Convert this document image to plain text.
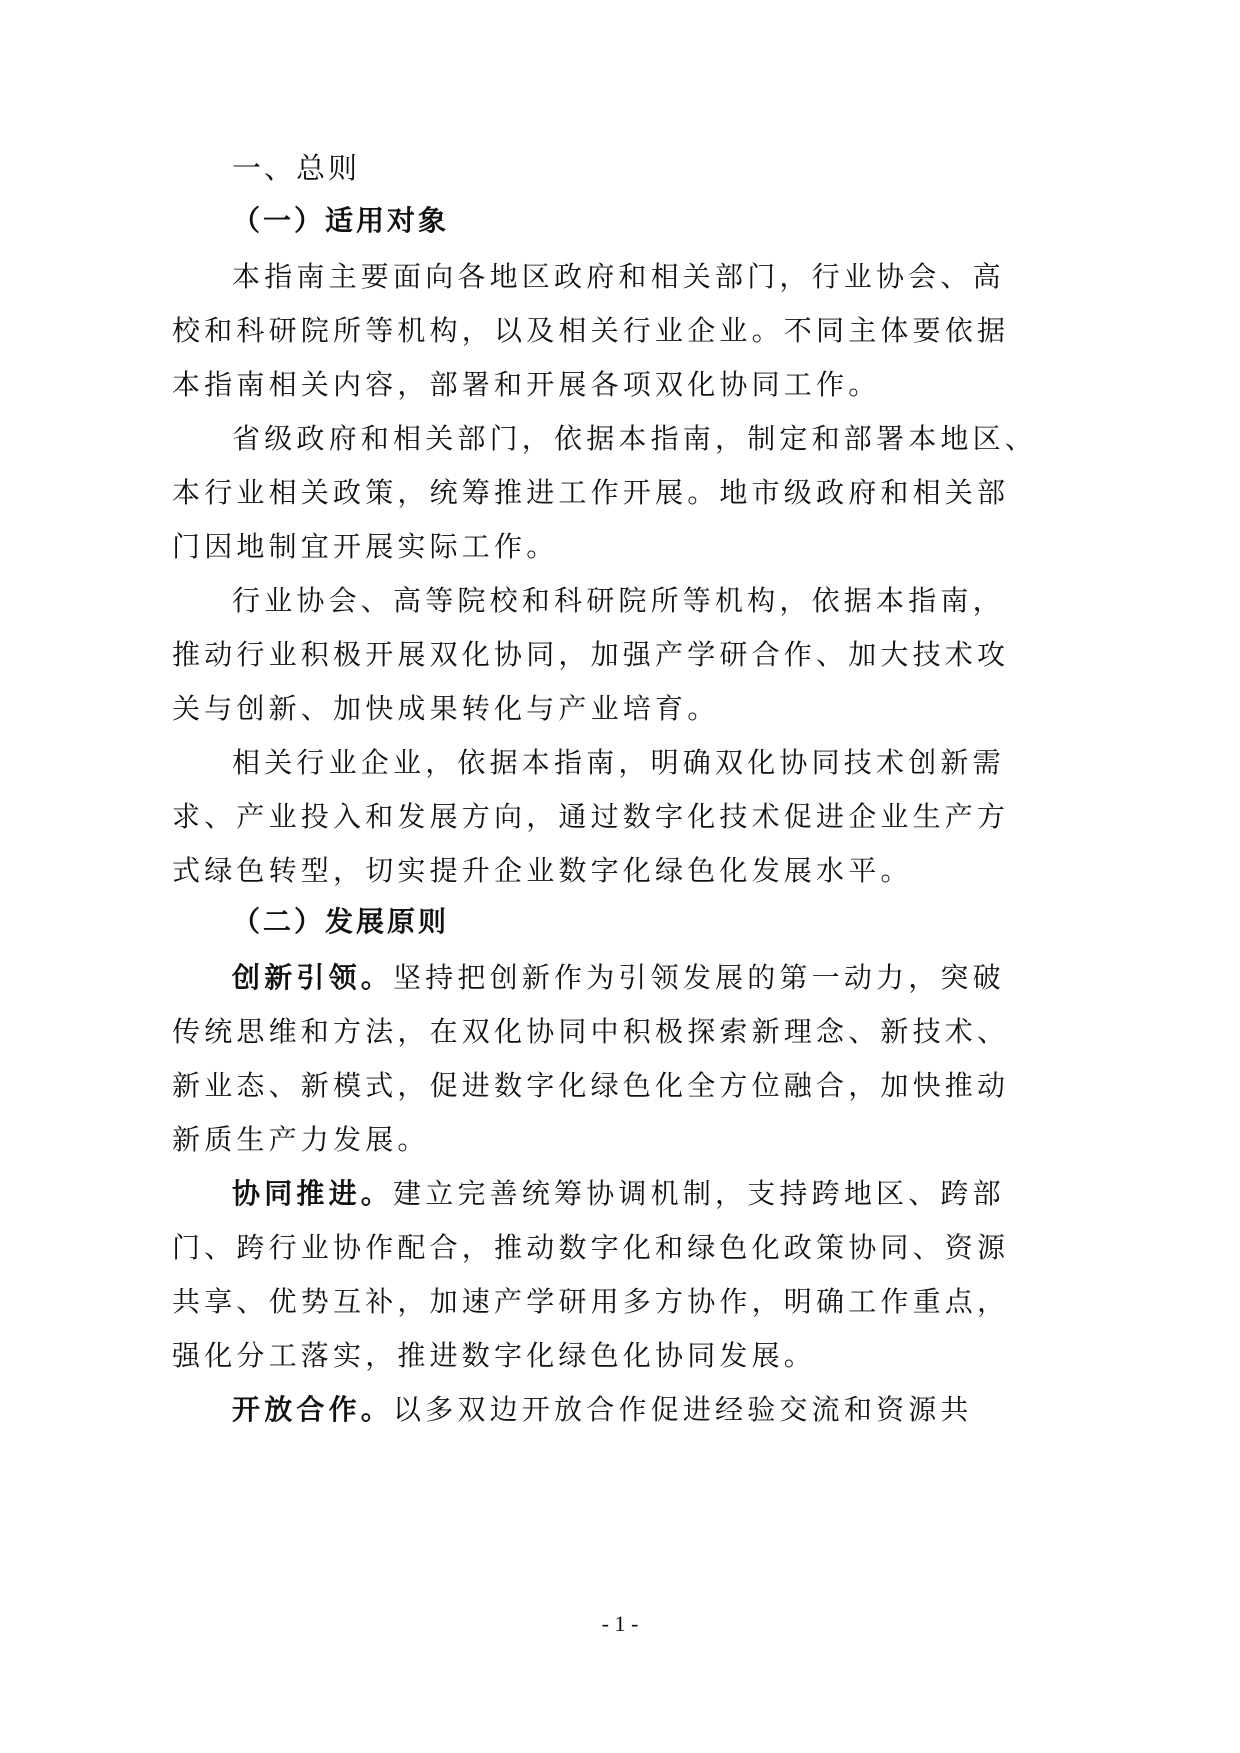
一、总则
（一）适用对象
本指南主要面向各地区政府和相关部门，行业协会、高
校和科研院所等机构，以及相关行业企业。不同主体要依据
本指南相关内容，部署和开展各项双化协同工作。
省级政府和相关部门，依据本指南，制定和部署本地区、
本行业相关政策，统筹推进工作开展。地市级政府和相关部
门因地制宜开展实际工作。
行业协会、高等院校和科研院所等机构，依据本指南，
推动行业积极开展双化协同，加强产学研合作、加大技术攻
关与创新、加快成果转化与产业培育。
相关行业企业，依据本指南，明确双化协同技术创新需
求、产业投入和发展方向，通过数字化技术促进企业生产方
式绿色转型，切实提升企业数字化绿色化发展水平。
（二）发展原则
创新引领。坚持把创新作为引领发展的第一动力，突破
传统思维和方法，在双化协同中积极探索新理念、新技术、
新业态、新模式，促进数字化绿色化全方位融合，加快推动
新质生产力发展。
协同推进。建立完善统筹协调机制，支持跨地区、跨部
门、跨行业协作配合，推动数字化和绿色化政策协同、资源
共享、优势互补，加速产学研用多方协作，明确工作重点，
强化分工落实，推进数字化绿色化协同发展。
开放合作。以多双边开放合作促进经验交流和资源共
- 1 -
